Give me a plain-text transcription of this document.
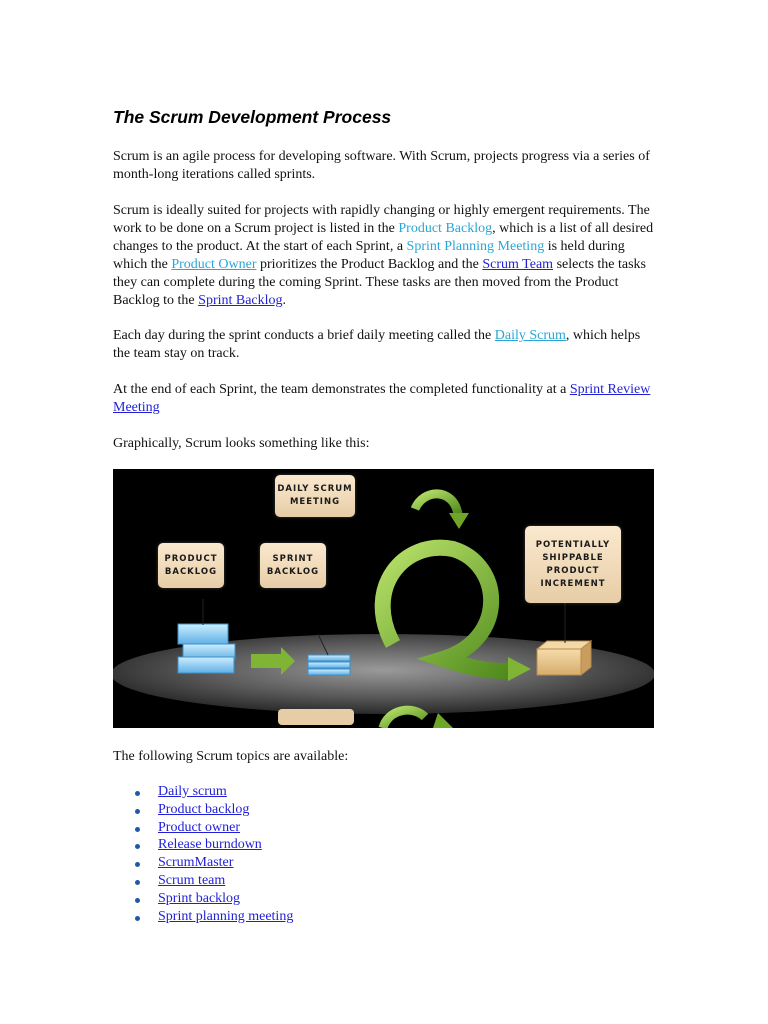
The Scrum Development Process

Scrum is an agile process for developing software. With Scrum, projects progress via a series of month-long iterations called sprints.

Scrum is ideally suited for projects with rapidly changing or highly emergent requirements. The work to be done on a Scrum project is listed in the Product Backlog, which is a list of all desired changes to the product. At the start of each Sprint, a Sprint Planning Meeting is held during which the Product Owner prioritizes the Product Backlog and the Scrum Team selects the tasks they can complete during the coming Sprint. These tasks are then moved from the Product Backlog to the Sprint Backlog.

Each day during the sprint conducts a brief daily meeting called the Daily Scrum, which helps the team stay on track.

At the end of each Sprint, the team demonstrates the completed functionality at a Sprint Review Meeting

Graphically, Scrum looks something like this:

The following Scrum topics are available:

Daily scrum
Product backlog
Product owner
Release burndown
ScrumMaster
Scrum team
Sprint backlog
Sprint planning meeting
DAILY SCRUM
MEETING
PRODUCT
BACKLOG
SPRINT
BACKLOG
POTENTIALLY
SHIPPABLE
PRODUCT
INCREMENT
